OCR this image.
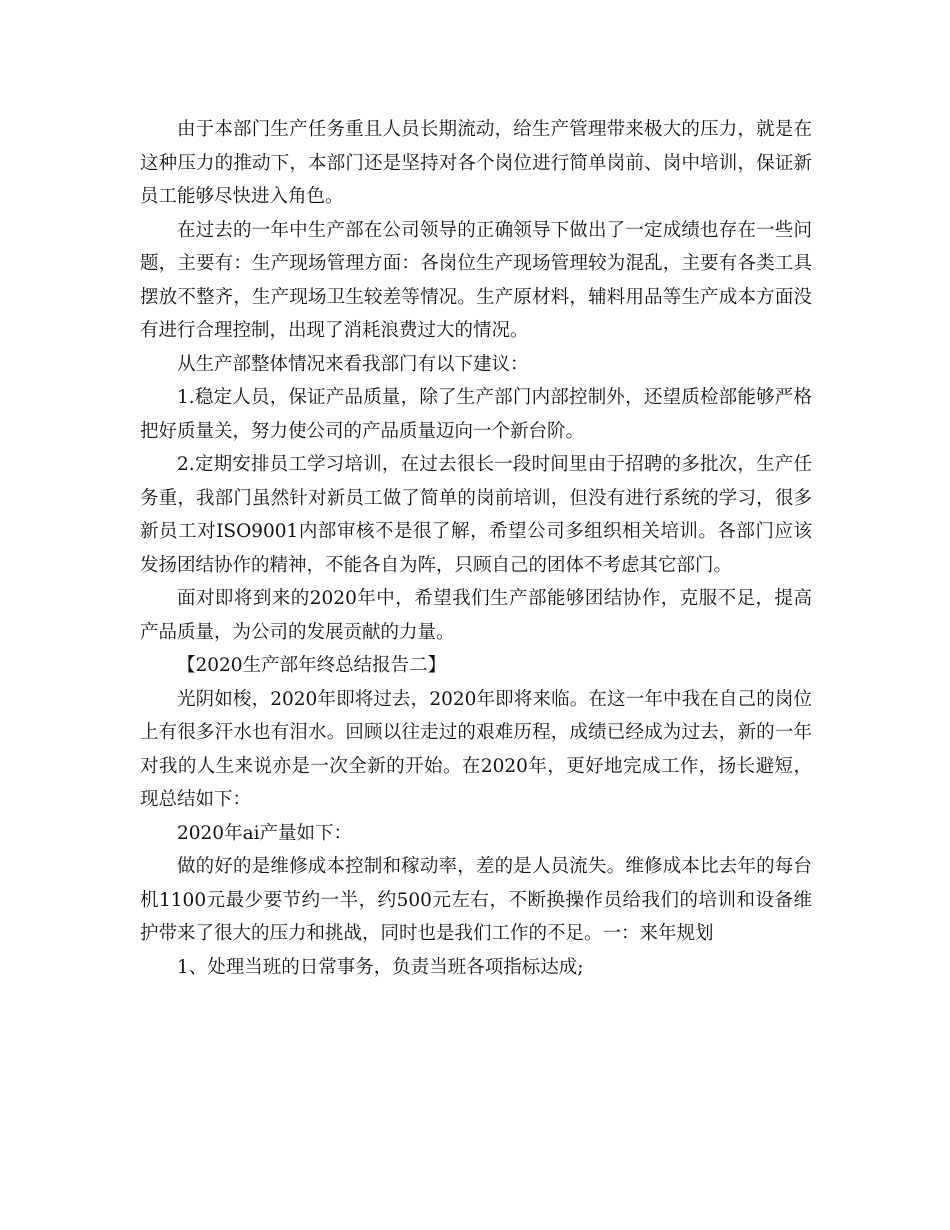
由于本部门生产任务重且人员长期流动，给生产管理带来极大的压力，就是在这种压力的推动下，本部门还是坚持对各个岗位进行简单岗前、岗中培训，保证新员工能够尽快进入角色。

在过去的一年中生产部在公司领导的正确领导下做出了一定成绩也存在一些问题，主要有：生产现场管理方面：各岗位生产现场管理较为混乱，主要有各类工具摆放不整齐，生产现场卫生较差等情况。生产原材料，辅料用品等生产成本方面没有进行合理控制，出现了消耗浪费过大的情况。

从生产部整体情况来看我部门有以下建议：

1.稳定人员，保证产品质量，除了生产部门内部控制外，还望质检部能够严格把好质量关，努力使公司的产品质量迈向一个新台阶。

2.定期安排员工学习培训，在过去很长一段时间里由于招聘的多批次，生产任务重，我部门虽然针对新员工做了简单的岗前培训，但没有进行系统的学习，很多新员工对ISO9001内部审核不是很了解，希望公司多组织相关培训。各部门应该发扬团结协作的精神，不能各自为阵，只顾自己的团体不考虑其它部门。

面对即将到来的2020年中，希望我们生产部能够团结协作，克服不足，提高产品质量，为公司的发展贡献的力量。

【2020生产部年终总结报告二】

光阴如梭，2020年即将过去，2020年即将来临。在这一年中我在自己的岗位上有很多汗水也有泪水。回顾以往走过的艰难历程，成绩已经成为过去，新的一年对我的人生来说亦是一次全新的开始。在2020年，更好地完成工作，扬长避短，现总结如下：

2020年ai产量如下：

做的好的是维修成本控制和稼动率，差的是人员流失。维修成本比去年的每台机1100元最少要节约一半，约500元左右，不断换操作员给我们的培训和设备维护带来了很大的压力和挑战，同时也是我们工作的不足。一：来年规划

1、处理当班的日常事务，负责当班各项指标达成;
